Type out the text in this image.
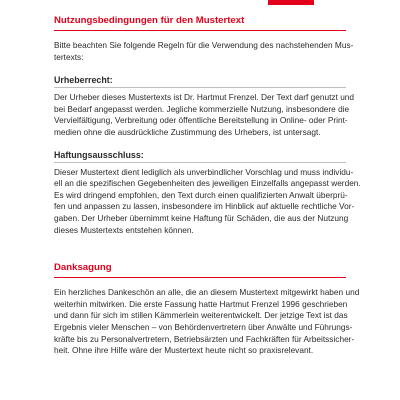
Nutzungsbedingungen für den Mustertext

Bitte beachten Sie folgende Regeln für die Verwendung des nachstehenden Mus-
tertexts:

Urheberrecht:

Der Urheber dieses Mustertexts ist Dr. Hartmut Frenzel. Der Text darf genutzt und
bei Bedarf angepasst werden. Jegliche kommerzielle Nutzung, insbesondere die
Vervielfältigung, Verbreitung oder öffentliche Bereitstellung in Online- oder Print-
medien ohne die ausdrückliche Zustimmung des Urhebers, ist untersagt.

Haftungsausschluss:

Dieser Mustertext dient lediglich als unverbindlicher Vorschlag und muss individu-
ell an die spezifischen Gegebenheiten des jeweiligen Einzelfalls angepasst werden.
Es wird dringend empfohlen, den Text durch einen qualifizierten Anwalt überprü-
fen und anpassen zu lassen, insbesondere im Hinblick auf aktuelle rechtliche Vor-
gaben. Der Urheber übernimmt keine Haftung für Schäden, die aus der Nutzung
dieses Mustertexts entstehen können.

Danksagung

Ein herzliches Dankeschön an alle, die an diesem Mustertext mitgewirkt haben und
weiterhin mitwirken. Die erste Fassung hatte Hartmut Frenzel 1996 geschrieben
und dann für sich im stillen Kämmerlein weiterentwickelt. Der jetzige Text ist das
Ergebnis vieler Menschen – von Behördenvertretern über Anwälte und Führungs-
kräfte bis zu Personalvertretern, Betriebsärzten und Fachkräften für Arbeitssicher-
heit. Ohne ihre Hilfe wäre der Mustertext heute nicht so praxisrelevant.
